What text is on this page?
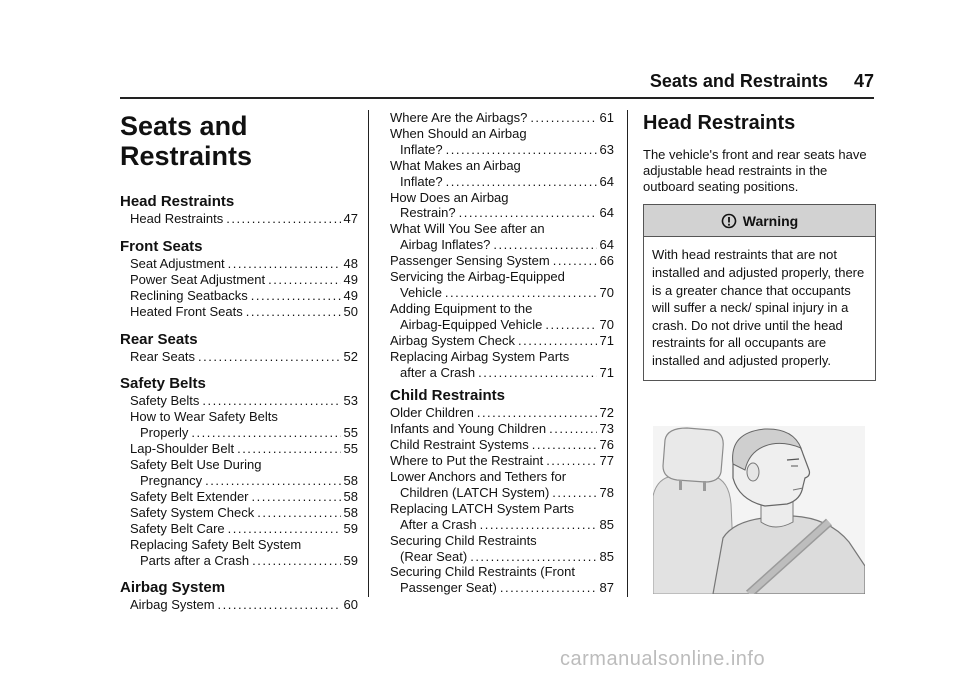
Seats and Restraints 47
Seats and
Restraints
Head Restraints
Head Restraints .....	47
Front Seats
Seat Adjustment .....	48
Power Seat Adjustment .....	49
Reclining Seatbacks .....	49
Heated Front Seats .....	50
Rear Seats
Rear Seats .....	52
Safety Belts
Safety Belts .....	53
How to Wear Safety Belts
Properly .....	55
Lap-Shoulder Belt .....	55
Safety Belt Use During
Pregnancy .....	58
Safety Belt Extender .....	58
Safety System Check .....	58
Safety Belt Care .....	59
Replacing Safety Belt System
Parts after a Crash .....	59
Airbag System
Airbag System .....	60
Where Are the Airbags? .....	61
When Should an Airbag
Inflate? .....	63
What Makes an Airbag
Inflate? .....	64
How Does an Airbag
Restrain? .....	64
What Will You See after an
Airbag Inflates? .....	64
Passenger Sensing System .....	66
Servicing the Airbag-Equipped
Vehicle .....	70
Adding Equipment to the
Airbag-Equipped Vehicle .....	70
Airbag System Check .....	71
Replacing Airbag System Parts
after a Crash .....	71
Child Restraints
Older Children .....	72
Infants and Young Children .....	73
Child Restraint Systems .....	76
Where to Put the Restraint .....	77
Lower Anchors and Tethers for
Children (LATCH System) .....	78
Replacing LATCH System Parts
After a Crash .....	85
Securing Child Restraints
(Rear Seat) .....	85
Securing Child Restraints (Front
Passenger Seat) .....	87
Head Restraints

The vehicle's front and rear seats have adjustable head restraints in the outboard seating positions.

Warning
With head restraints that are not installed and adjusted properly, there is a greater chance that occupants will suffer a neck/ spinal injury in a crash. Do not drive until the head restraints for all occupants are installed and adjusted properly.
carmanualsonline.info
